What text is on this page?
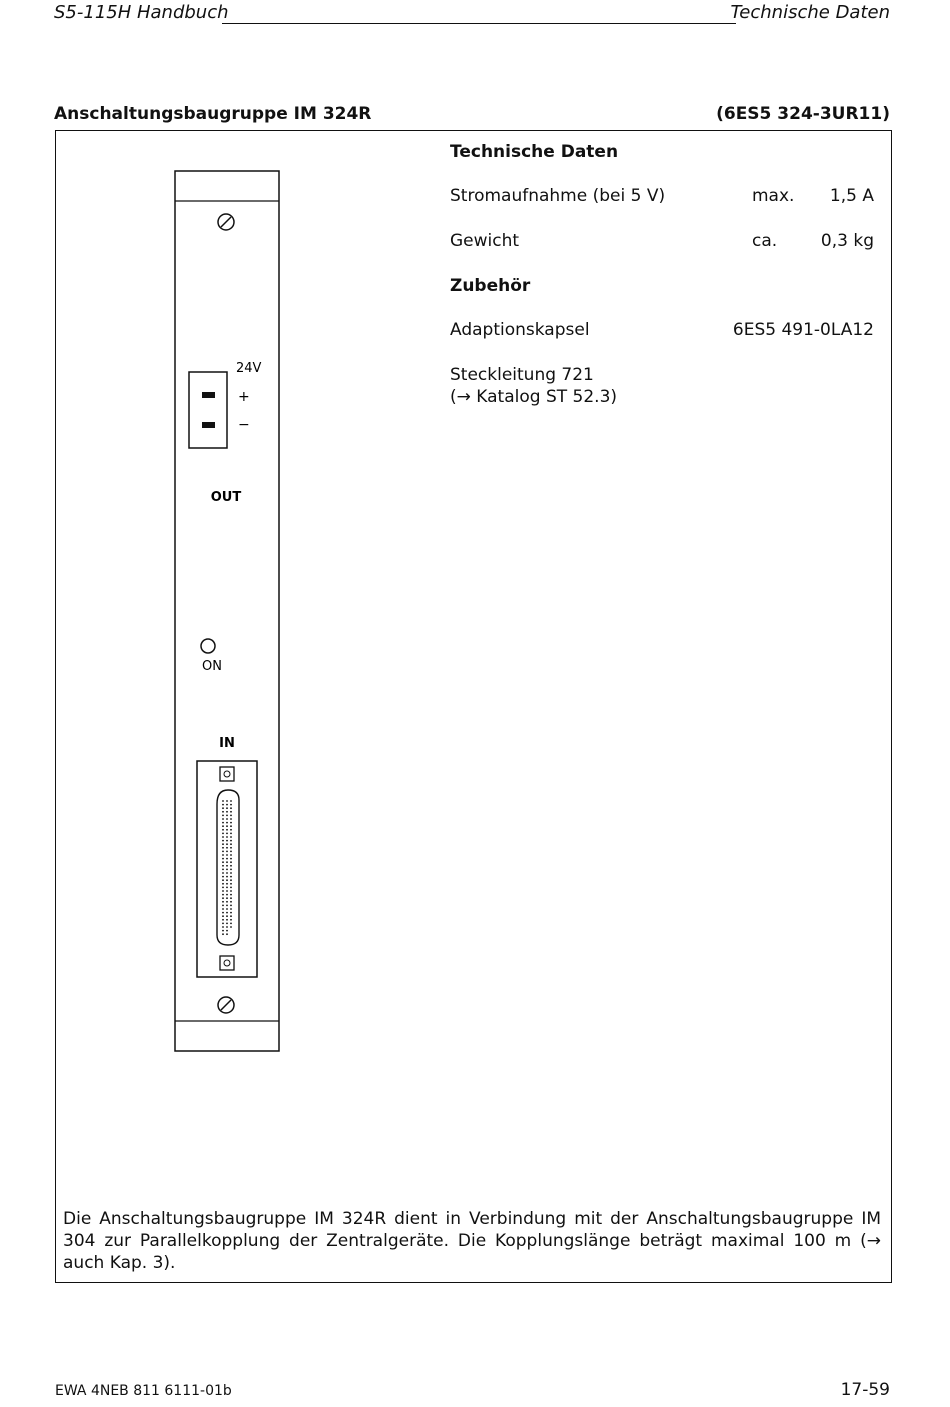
S5-115H Handbuch	Technische Daten
Anschaltungsbaugruppe IM 324R	(6ES5 324-3UR11)
24V
+
−
OUT
ON
IN
Technische Daten
Stromaufnahme (bei 5 V)	max. 1,5 A
Gewicht	ca.	0,3 kg
Zubehör
Adaptionskapsel	6ES5 491-0LA12
Steckleitung 721
(→ Katalog ST 52.3)
Die Anschaltungsbaugruppe IM 324R dient in Verbindung mit der Anschaltungsbaugruppe IM 304 zur Parallelkopplung der Zentralgeräte. Die Kopplungslänge beträgt maximal 100 m (→ auch Kap. 3).
EWA 4NEB 811 6111-01b	17-59
